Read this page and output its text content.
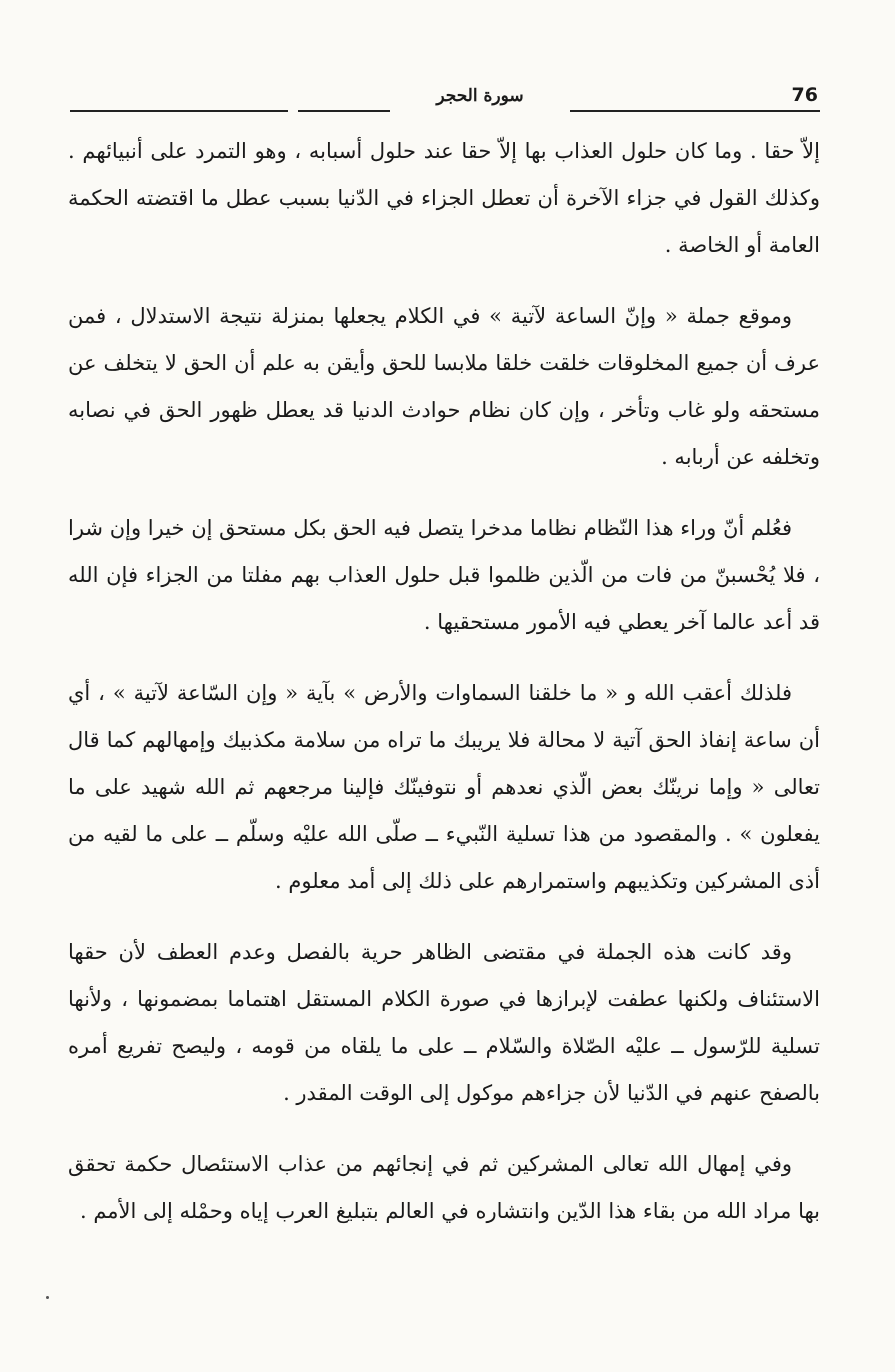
76
سورة الحجر

إلاّ حقا . وما كان حلول العذاب بها إلاّ حقا عند حلول أسبابه ، وهو التمرد على أنبيائهم . وكذلك القول في جزاء الآخرة أن تعطل الجزاء في الدّنيا بسبب عطل ما اقتضته الحكمة العامة أو الخاصة .

وموقع جملة « وإنّ الساعة لآتية » في الكلام يجعلها بمنزلة نتيجة الاستدلال ، فمن عرف أن جميع المخلوقات خلقت خلقا ملابسا للحق وأيقن به علم أن الحق لا يتخلف عن مستحقه ولو غاب وتأخر ، وإن كان نظام حوادث الدنيا قد يعطل ظهور الحق في نصابه وتخلفه عن أربابه .

فعُلم أنّ وراء هذا النّظام نظاما مدخرا يتصل فيه الحق بكل مستحق إن خيرا وإن شرا ، فلا يُحْسبنّ من فات من الّذين ظلموا قبل حلول العذاب بهم مفلتا من الجزاء فإن الله قد أعد عالما آخر يعطي فيه الأمور مستحقيها .

فلذلك أعقب الله و « ما خلقنا السماوات والأرض » بآية « وإن السّاعة لآتية » ، أي أن ساعة إنفاذ الحق آتية لا محالة فلا يريبك ما تراه من سلامة مكذبيك وإمهالهم كما قال تعالى « وإما نرينّك بعض الّذي نعدهم أو نتوفينّك فإلينا مرجعهم ثم الله شهيد على ما يفعلون » . والمقصود من هذا تسلية النّبيء ــ صلّى الله عليْه وسلّم ــ على ما لقيه من أذى المشركين وتكذيبهم واستمرارهم على ذلك إلى أمد معلوم .

وقد كانت هذه الجملة في مقتضى الظاهر حرية بالفصل وعدم العطف لأن حقها الاستئناف ولكنها عطفت لإبرازها في صورة الكلام المستقل اهتماما بمضمونها ، ولأنها تسلية للرّسول ــ عليْه الصّلاة والسّلام ــ على ما يلقاه من قومه ، وليصح تفريع أمره بالصفح عنهم في الدّنيا لأن جزاءهم موكول إلى الوقت المقدر .

وفي إمهال الله تعالى المشركين ثم في إنجائهم من عذاب الاستئصال حكمة تحقق بها مراد الله من بقاء هذا الدّين وانتشاره في العالم بتبليغ العرب إياه وحمْله إلى الأمم .
